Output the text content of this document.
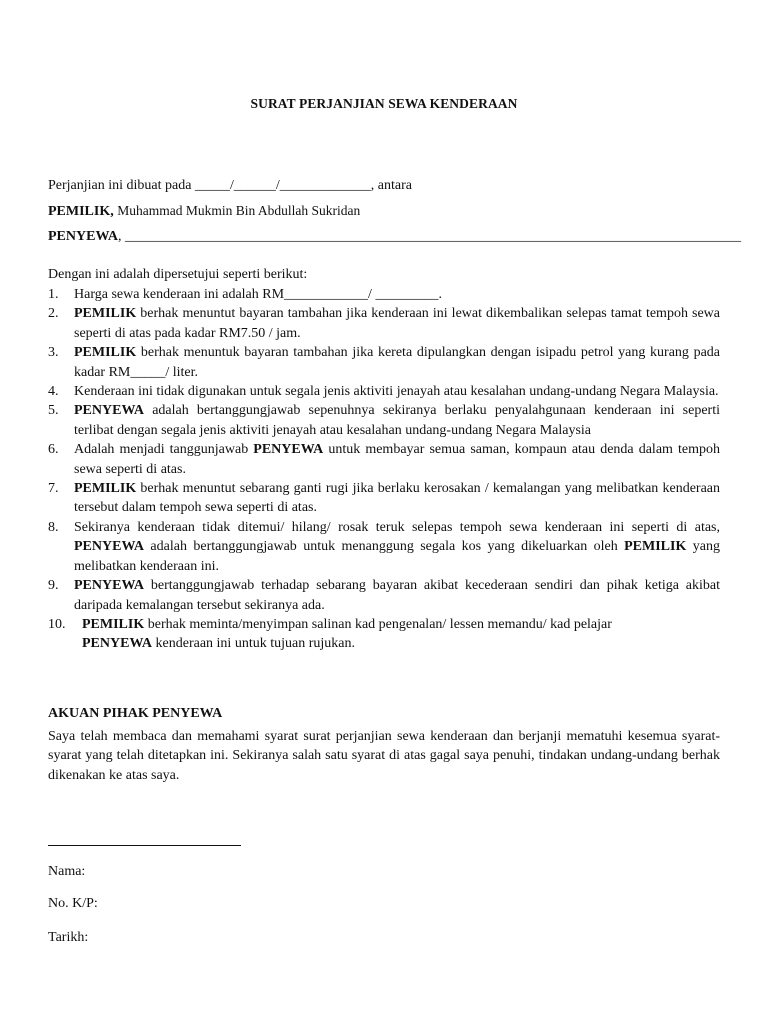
SURAT PERJANJIAN SEWA KENDERAAN
Perjanjian ini dibuat pada _____/______/_____________, antara
PEMILIK, Muhammad Mukmin Bin Abdullah Sukridan
PENYEWA, ________________________________________________________________________________________
Dengan ini adalah dipersetujui seperti berikut:
1.	Harga sewa kenderaan ini adalah RM____________/ _________.
2.	PEMILIK berhak menuntut bayaran tambahan jika kenderaan ini lewat dikembalikan selepas tamat tempoh sewa seperti di atas pada kadar RM7.50 / jam.
3.	PEMILIK berhak menuntuk bayaran tambahan jika kereta dipulangkan dengan isipadu petrol yang kurang pada kadar RM_____/ liter.
4.	Kenderaan ini tidak digunakan untuk segala jenis aktiviti jenayah atau kesalahan undang-undang Negara Malaysia.
5.	PENYEWA adalah bertanggungjawab sepenuhnya sekiranya berlaku penyalahgunaan kenderaan ini seperti terlibat dengan segala jenis aktiviti jenayah atau kesalahan undang-undang Negara Malaysia
6.	Adalah menjadi tanggunjawab PENYEWA untuk membayar semua saman, kompaun atau denda dalam tempoh sewa seperti di atas.
7.	PEMILIK berhak menuntut sebarang ganti rugi jika berlaku kerosakan / kemalangan yang melibatkan kenderaan tersebut dalam tempoh sewa seperti di atas.
8.	Sekiranya kenderaan tidak ditemui/ hilang/ rosak teruk selepas tempoh sewa kenderaan ini seperti di atas, PENYEWA adalah bertanggungjawab untuk menanggung segala kos yang dikeluarkan oleh PEMILIK yang melibatkan kenderaan ini.
9.	PENYEWA bertanggungjawab terhadap sebarang bayaran akibat kecederaan sendiri dan pihak ketiga akibat daripada kemalangan tersebut sekiranya ada.
10.	PEMILIK berhak meminta/menyimpan salinan kad pengenalan/ lessen memandu/ kad pelajar
PENYEWA kenderaan ini untuk tujuan rujukan.
AKUAN PIHAK PENYEWA
Saya telah membaca dan memahami syarat surat perjanjian sewa kenderaan dan berjanji mematuhi kesemua syarat-syarat yang telah ditetapkan ini. Sekiranya salah satu syarat di atas gagal saya penuhi, tindakan undang-undang berhak dikenakan ke atas saya.
Nama:
No. K/P:
Tarikh:
